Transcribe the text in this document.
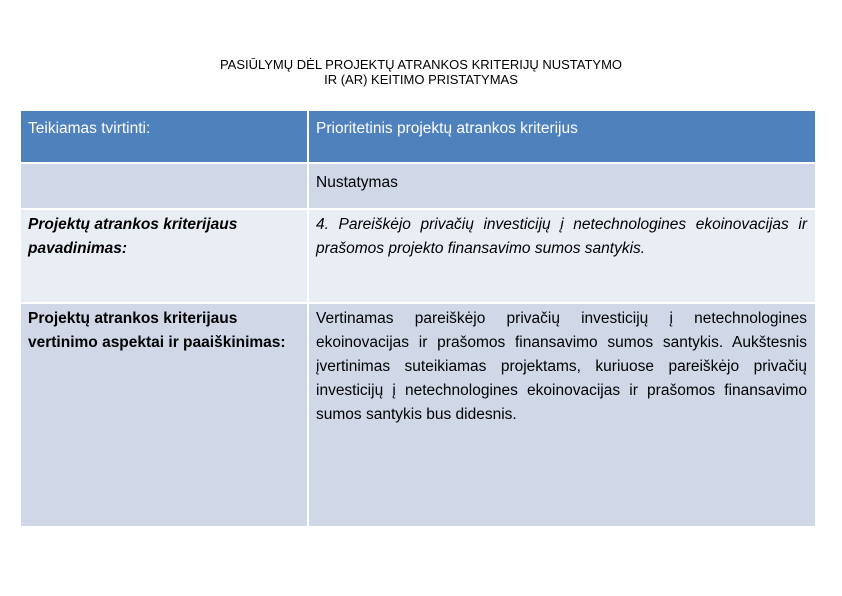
PASIŪLYMŲ DĖL PROJEKTŲ ATRANKOS KRITERIJŲ NUSTATYMO
IR (AR) KEITIMO PRISTATYMAS
Teikiamas tvirtinti:	Prioritetinis projektų atrankos kriterijus
Nustatymas
Projektų atrankos kriterijaus pavadinimas:
4. Pareiškėjo privačių investicijų į netechnologines ekoinovacijas ir prašomos projekto finansavimo sumos santykis.
Projektų atrankos kriterijaus vertinimo aspektai ir paaiškinimas:
Vertinamas pareiškėjo privačių investicijų į netechnologines ekoinovacijas ir prašomos finansavimo sumos santykis. Aukštesnis įvertinimas suteikiamas projektams, kuriuose pareiškėjo privačių investicijų į netechnologines ekoinovacijas ir prašomos finansavimo sumos santykis bus didesnis.
